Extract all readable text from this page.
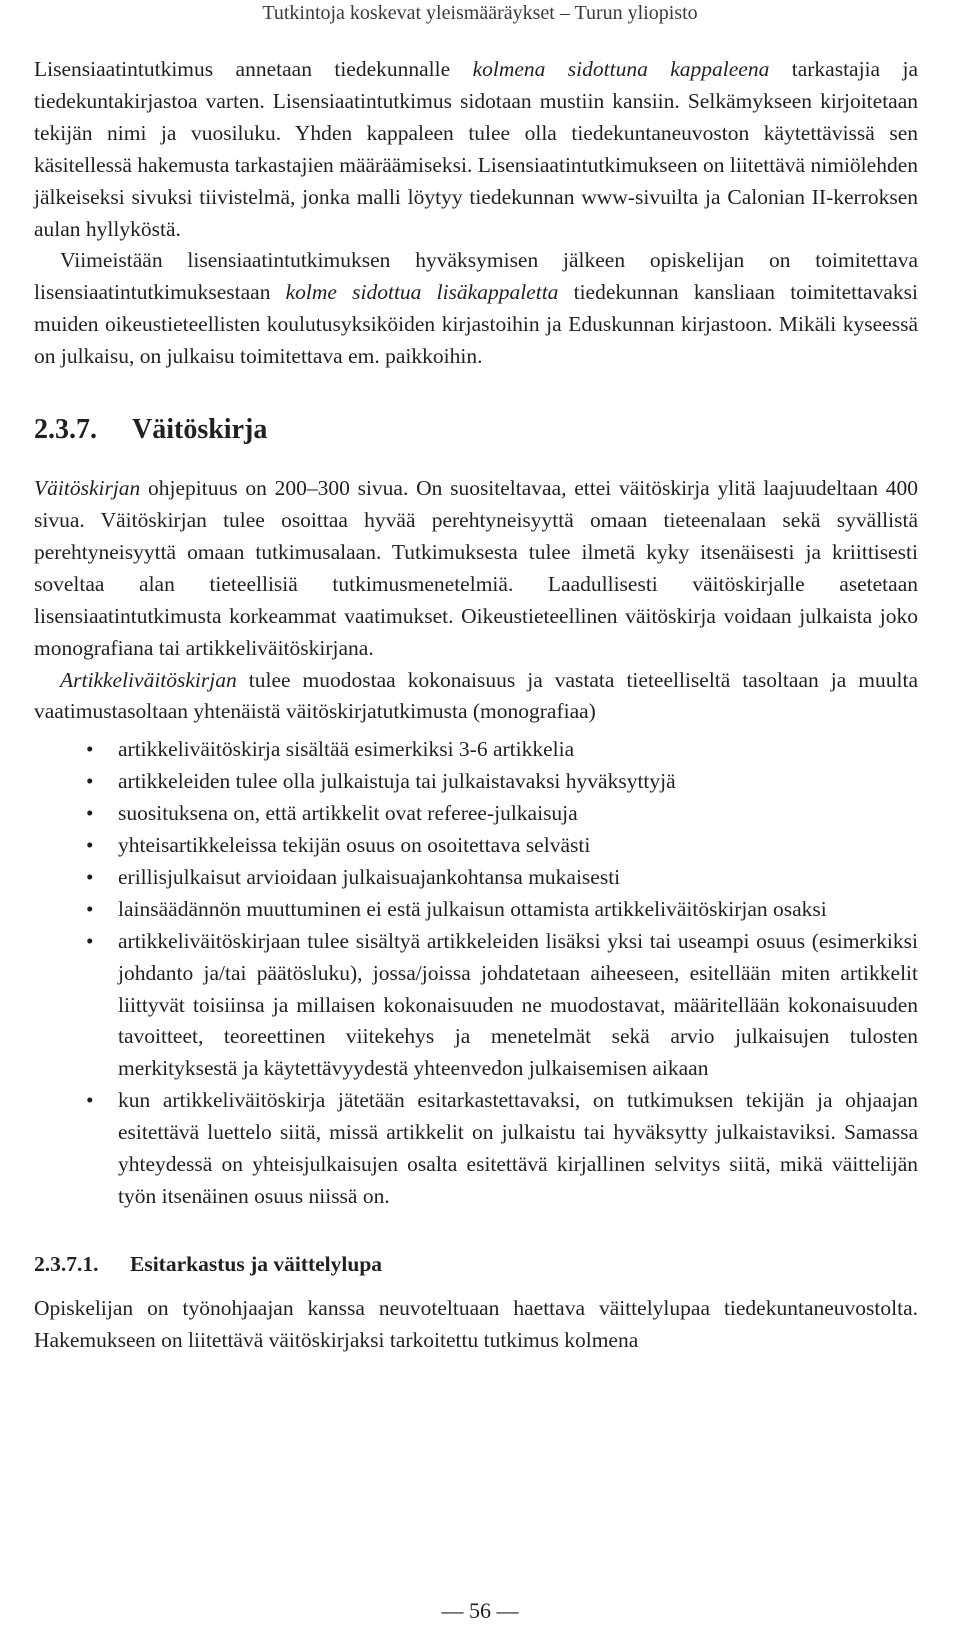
Tutkintoja koskevat yleismääräykset – Turun yliopisto

Lisensiaatintutkimus annetaan tiedekunnalle kolmena sidottuna kappaleena tarkastajia ja tiedekuntakirjastoa varten. Lisensiaatintutkimus sidotaan mustiin kansiin. Selkämykseen kirjoitetaan tekijän nimi ja vuosiluku. Yhden kappaleen tulee olla tiedekuntaneuvoston käytettävissä sen käsitellessä hakemusta tarkastajien määräämiseksi. Lisensiaatintutkimukseen on liitettävä nimiölehden jälkeiseksi sivuksi tiivistelmä, jonka malli löytyy tiedekunnan www-sivuilta ja Calonian II-kerroksen aulan hyllyköstä.

Viimeistään lisensiaatintutkimuksen hyväksymisen jälkeen opiskelijan on toimitettava lisensiaatintutkimuksestaan kolme sidottua lisäkappaletta tiedekunnan kansliaan toimitettavaksi muiden oikeustieteellisten koulutusyksiköiden kirjastoihin ja Eduskunnan kirjastoon. Mikäli kyseessä on julkaisu, on julkaisu toimitettava em. paikkoihin.

2.3.7. Väitöskirja

Väitöskirjan ohjepituus on 200–300 sivua. On suositeltavaa, ettei väitöskirja ylitä laajuudeltaan 400 sivua. Väitöskirjan tulee osoittaa hyvää perehtyneisyyttä omaan tieteenalaan sekä syvällistä perehtyneisyyttä omaan tutkimusalaan. Tutkimuksesta tulee ilmetä kyky itsenäisesti ja kriittisesti soveltaa alan tieteellisiä tutkimusmenetelmiä. Laadullisesti väitöskirjalle asetetaan lisensiaatintutkimusta korkeammat vaatimukset. Oikeustieteellinen väitöskirja voidaan julkaista joko monografiana tai artikkeliväitöskirjana.

Artikkeliväitöskirjan tulee muodostaa kokonaisuus ja vastata tieteelliseltä tasoltaan ja muulta vaatimustasoltaan yhtenäistä väitöskirjatutkimusta (monografiaa)

• artikkeliväitöskirja sisältää esimerkiksi 3-6 artikkelia
• artikkeleiden tulee olla julkaistuja tai julkaistavaksi hyväksyttyjä
• suosituksena on, että artikkelit ovat referee-julkaisuja
• yhteisartikkeleissa tekijän osuus on osoitettava selvästi
• erillisjulkaisut arvioidaan julkaisuajankohtansa mukaisesti
• lainsäädännön muuttuminen ei estä julkaisun ottamista artikkeliväitöskirjan osaksi
• artikkeliväitöskirjaan tulee sisältyä artikkeleiden lisäksi yksi tai useampi osuus (esimerkiksi johdanto ja/tai päätösluku), jossa/joissa johdatetaan aiheeseen, esitellään miten artikkelit liittyvät toisiinsa ja millaisen kokonaisuuden ne muodostavat, määritellään kokonaisuuden tavoitteet, teoreettinen viitekehys ja menetelmät sekä arvio julkaisujen tulosten merkityksestä ja käytettävyydestä yhteenvedon julkaisemisen aikaan
• kun artikkeliväitöskirja jätetään esitarkastettavaksi, on tutkimuksen tekijän ja ohjaajan esitettävä luettelo siitä, missä artikkelit on julkaistu tai hyväksytty julkaistaviksi. Samassa yhteydessä on yhteisjulkaisujen osalta esitettävä kirjallinen selvitys siitä, mikä väittelijän työn itsenäinen osuus niissä on.
2.3.7.1. Esitarkastus ja väittelylupa

Opiskelijan on työnohjaajan kanssa neuvoteltuaan haettava väittelylupaa tiedekuntaneuvostolta. Hakemukseen on liitettävä väitöskirjaksi tarkoitettu tutkimus kolmena

— 56 —
